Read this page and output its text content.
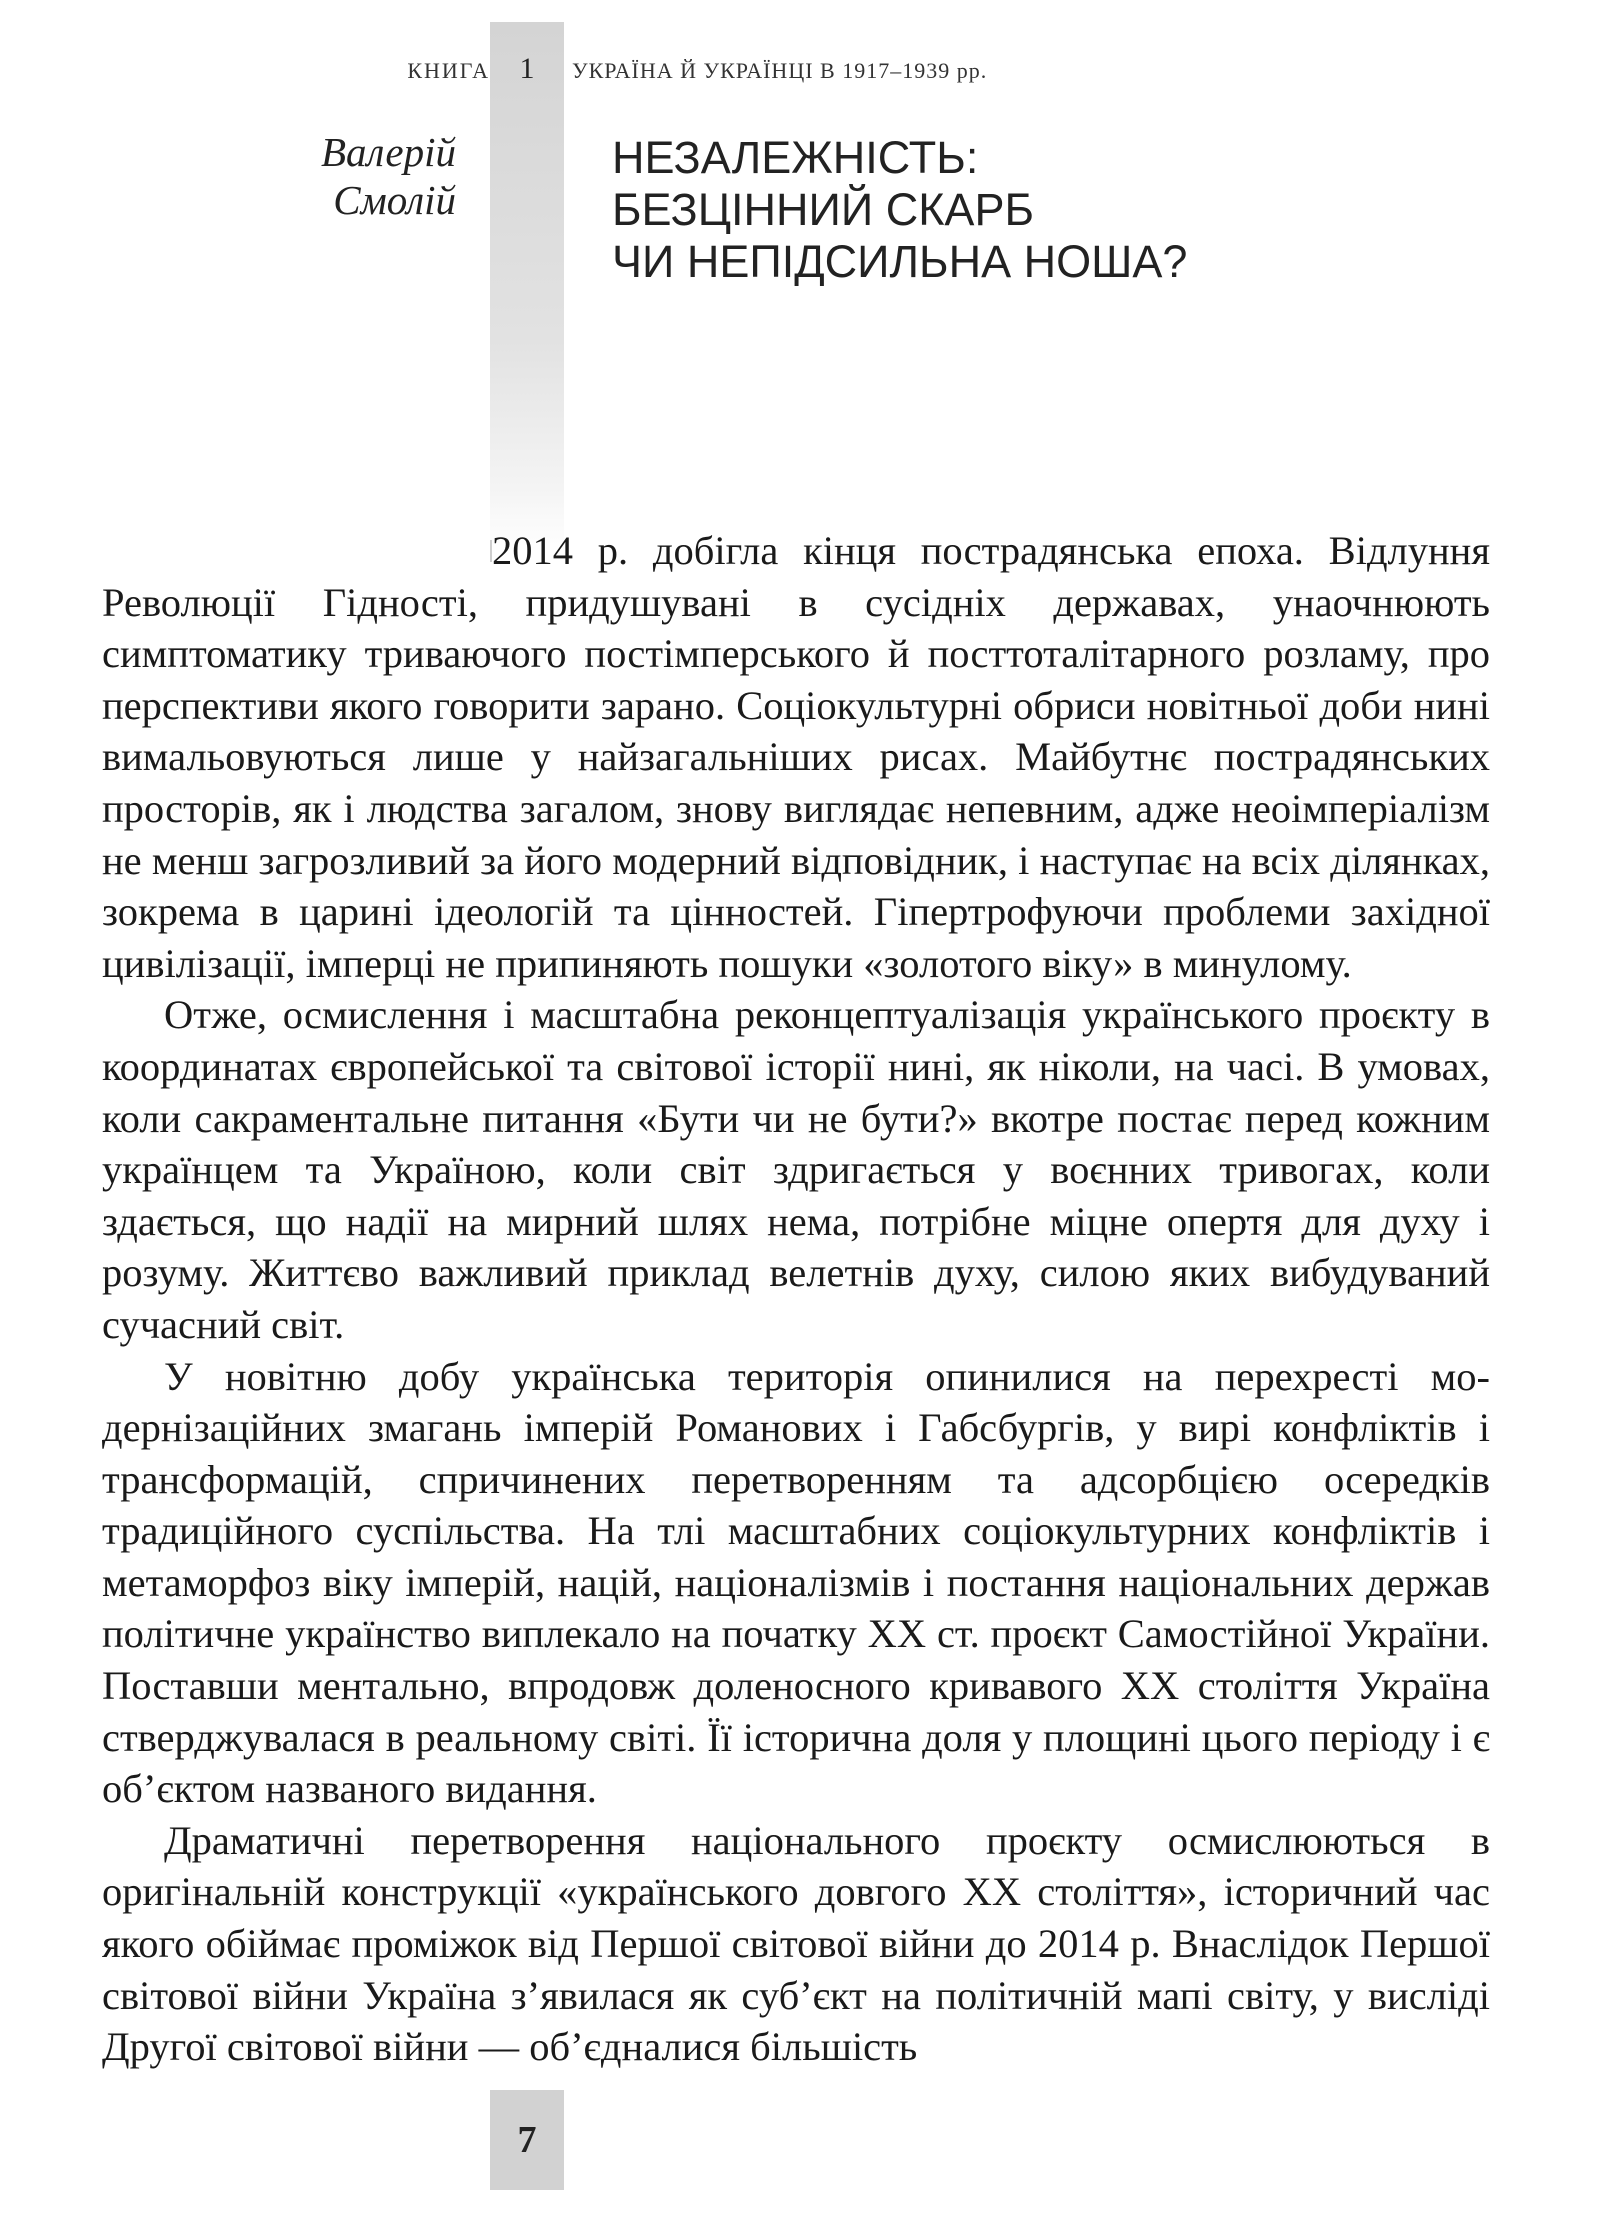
КНИГА 1	УКРАЇНА Й УКРАЇНЦІ В 1917–1939 рр.
Валерій
Смолій
НЕЗАЛЕЖНІСТЬ:
БЕЗЦІННИЙ СКАРБ
ЧИ НЕПІДСИЛЬНА НОША?

2014 р. добігла кінця пострадянська епоха. Відлуння Революції Гідності, придушувані в сусідніх державах, унаочнюють симптоматику триваючого постімперського й посттоталітарного розламу, про перспективи якого говорити зарано. Соціокультурні обриси новітньої доби нині вимальовуються лише у найзагальніших рисах. Майбутнє пострадянських просторів, як і людства загалом, знову виглядає непевним, адже неоімперіалізм не менш загрозливий за його модерний відповідник, і наступає на всіх ділянках, зокрема в царині ідеологій та цінностей. Гіпертрофуючи проблеми західної цивілізації, імперці не припиняють пошуки «золотого віку» в минулому.

Отже, осмислення і масштабна реконцептуалізація українського проєкту в координатах європейської та світової історії нині, як ніколи, на часі. В умовах, коли сакраментальне питання «Бути чи не бути?» вкотре постає перед кожним українцем та Україною, коли світ здригається у воєнних тривогах, коли здається, що надії на мирний шлях нема, потрібне міцне опертя для духу і розуму. Життєво важливий приклад велетнів духу, силою яких вибудуваний сучасний світ.

У новітню добу українська територія опинилися на перехресті модернізаційних змагань імперій Романових і Габсбургів, у вирі конфліктів і трансформацій, спричинених перетворенням та адсорбцією осередків традиційного суспільства. На тлі масштабних соціокультурних конфліктів і метаморфоз віку імперій, націй, націоналізмів і постання національних держав політичне українство виплекало на початку ХХ ст. проєкт Самостійної України. Поставши ментально, впродовж доленосного кривавого ХХ століття Україна стверджувалася в реальному світі. Її історична доля у площині цього періоду і є об’єктом названого видання.

Драматичні перетворення національного проєкту осмислюються в оригінальній конструкції «українського довгого ХХ століття», історичний час якого обіймає проміжок від Першої світової війни до 2014 р. Внаслідок Першої світової війни Україна з’явилася як суб’єкт на політичній мапі світу, у висліді Другої світової війни — об’єдналися більшість

7
